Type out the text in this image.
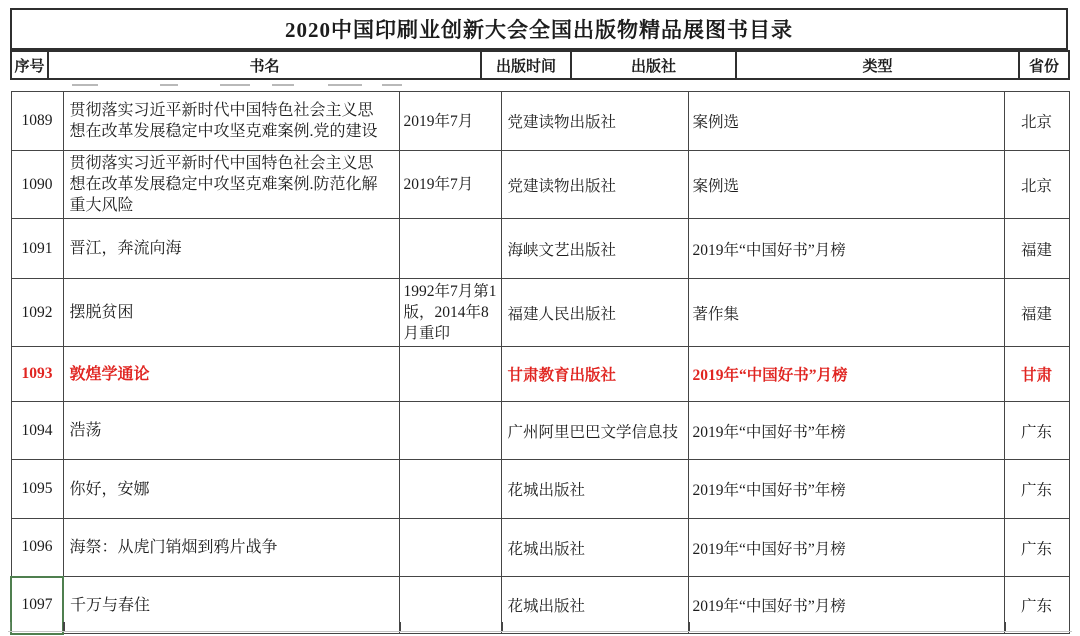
2020中国印刷业创新大会全国出版物精品展图书目录
序号	书名	出版时间	出版社	类型	省份
1089	贯彻落实习近平新时代中国特色社会主义思想在改革发展稳定中攻坚克难案例.党的建设	2019年7月	党建读物出版社	案例选	北京
1090	贯彻落实习近平新时代中国特色社会主义思想在改革发展稳定中攻坚克难案例.防范化解重大风险	2019年7月	党建读物出版社	案例选	北京
1091	晋江，奔流向海		海峡文艺出版社	2019年“中国好书”月榜	福建
1092	摆脱贫困	1992年7月第1版，2014年8月重印	福建人民出版社	著作集	福建
1093	敦煌学通论		甘肃教育出版社	2019年“中国好书”月榜	甘肃
1094	浩荡		广州阿里巴巴文学信息技	2019年“中国好书”年榜	广东
1095	你好，安娜		花城出版社	2019年“中国好书”年榜	广东
1096	海祭：从虎门销烟到鸦片战争		花城出版社	2019年“中国好书”月榜	广东
1097	千万与春住		花城出版社	2019年“中国好书”月榜	广东
